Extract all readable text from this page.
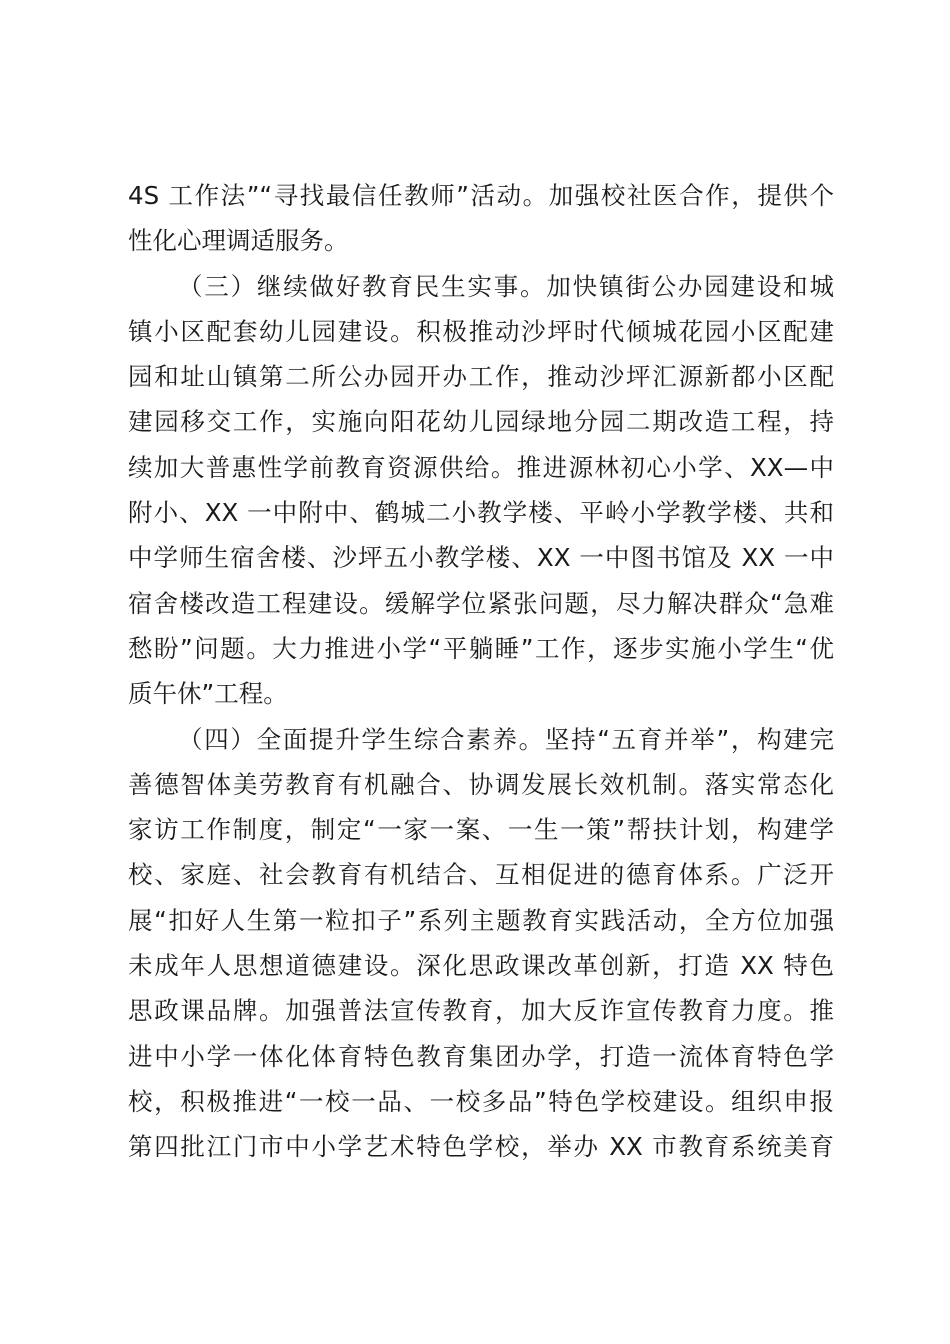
4S 工作法”“寻找最信任教师”活动。加强校社医合作，提供个
性化心理调适服务。
（三）继续做好教育民生实事。加快镇街公办园建设和城
镇小区配套幼儿园建设。积极推动沙坪时代倾城花园小区配建
园和址山镇第二所公办园开办工作，推动沙坪汇源新都小区配
建园移交工作，实施向阳花幼儿园绿地分园二期改造工程，持
续加大普惠性学前教育资源供给。推进源林初心小学、XX—中
附小、XX 一中附中、鹤城二小教学楼、平岭小学教学楼、共和
中学师生宿舍楼、沙坪五小教学楼、XX 一中图书馆及 XX 一中
宿舍楼改造工程建设。缓解学位紧张问题，尽力解决群众“急难
愁盼”问题。大力推进小学“平躺睡”工作，逐步实施小学生“优
质午休”工程。
（四）全面提升学生综合素养。坚持“五育并举”，构建完
善德智体美劳教育有机融合、协调发展长效机制。落实常态化
家访工作制度，制定“一家一案、一生一策”帮扶计划，构建学
校、家庭、社会教育有机结合、互相促进的德育体系。广泛开
展“扣好人生第一粒扣子”系列主题教育实践活动，全方位加强
未成年人思想道德建设。深化思政课改革创新，打造 XX 特色
思政课品牌。加强普法宣传教育，加大反诈宣传教育力度。推
进中小学一体化体育特色教育集团办学，打造一流体育特色学
校，积极推进“一校一品、一校多品”特色学校建设。组织申报
第四批江门市中小学艺术特色学校，举办 XX 市教育系统美育
